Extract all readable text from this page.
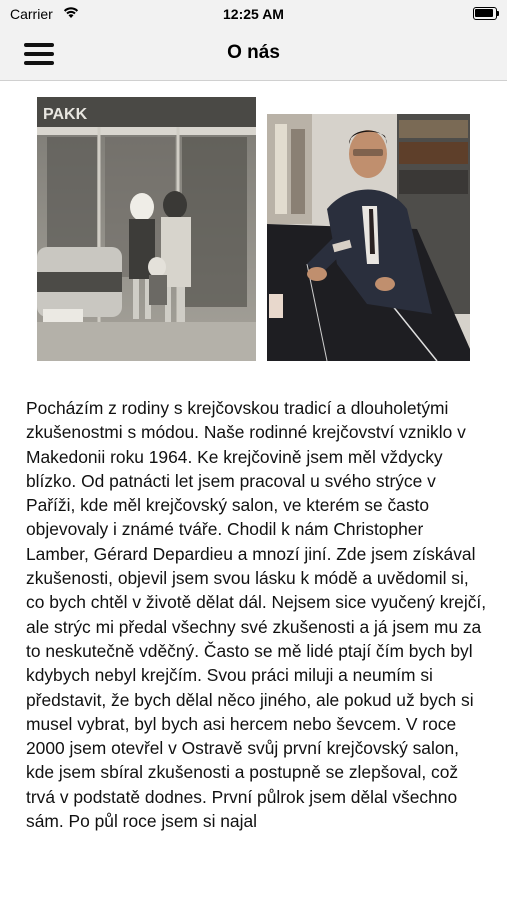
Carrier	12:25 AM
O nás
PAKK
Pocházím z rodiny s krejčovskou tradicí a dlouholetými zkušenostmi s módou. Naše rodinné krejčovství vzniklo v Makedonii roku 1964. Ke krejčovině jsem měl vždycky blízko. Od patnácti let jsem pracoval u svého strýce v Paříži, kde měl krejčovský salon, ve kterém se často objevovaly i známé tváře. Chodil k nám Christopher Lamber, Gérard Depardieu a mnozí jiní. Zde jsem získával zkušenosti, objevil jsem svou lásku k módě a uvědomil si, co bych chtěl v životě dělat dál. Nejsem sice vyučený krejčí, ale strýc mi předal všechny své zkušenosti a já jsem mu za to neskutečně vděčný. Často se mě lidé ptají čím bych byl kdybych nebyl krejčím. Svou práci miluji a neumím si představit, že bych dělal něco jiného, ale pokud už bych si musel vybrat, byl bych asi hercem nebo ševcem. V roce 2000 jsem otevřel v Ostravě svůj první krejčovský salon, kde jsem sbíral zkušenosti a postupně se zlepšoval, což trvá v podstatě dodnes. První půlrok jsem dělal všechno sám. Po půl roce jsem si najal
